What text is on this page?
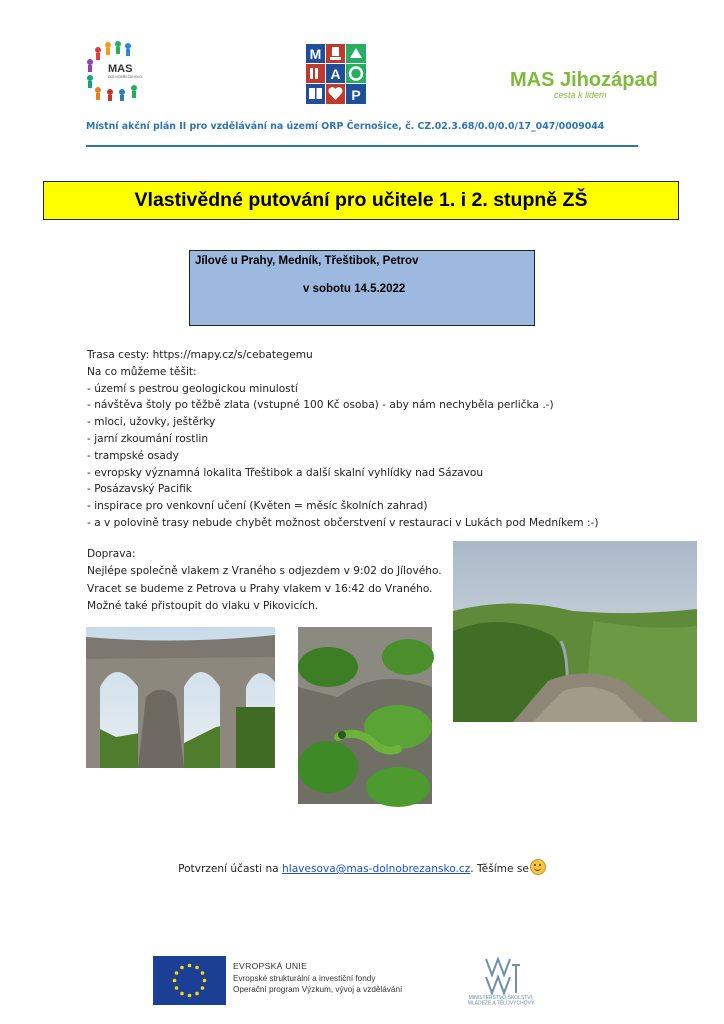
MAS
DOLNOBŘEŽANSKO
M
A
P
MAS Jihozápad
cesta k lidem
Místní akční plán II pro vzdělávání na území ORP Černošice, č. CZ.02.3.68/0.0/0.0/17_047/0009044
Vlastivědné putování pro učitele 1. i 2. stupně ZŠ
Jílové u Prahy, Medník, Třeštibok, Petrov
v sobotu 14.5.2022

Trasa cesty: https://mapy.cz/s/cebategemu

Na co můžeme těšit:

- území s pestrou geologickou minulostí
- návštěva štoly po těžbě zlata (vstupné 100 Kč osoba) - aby nám nechyběla perlička .-)
- mloci, užovky, ještěrky
- jarní zkoumání rostlin
- trampské osady
- evropsky významná lokalita Třeštibok a další skalní vyhlídky nad Sázavou
- Posázavský Pacifik
- inspirace pro venkovní učení (Květen = měsíc školních zahrad)
- a v polovině trasy nebude chybět možnost občerstvení v restauraci v Lukách pod Medníkem :-)

Doprava:

Nejlépe společně vlakem z Vraného s odjezdem v 9:02 do Jílového. Vracet se budeme z Petrova u Prahy vlakem v 16:42 do Vraného. Možné také přistoupit do vlaku v Pikovicích.

Potvrzení účasti na hlavesova@mas-dolnobrezansko.cz. Těšíme se
EVROPSKÁ UNIE
Evropské strukturální a investiční fondy
Operační program Výzkum, vývoj a vzdělávání
MINISTERSTVO ŠKOLSTVÍ,
MLÁDEŽE A TĚLOVÝCHOVY
